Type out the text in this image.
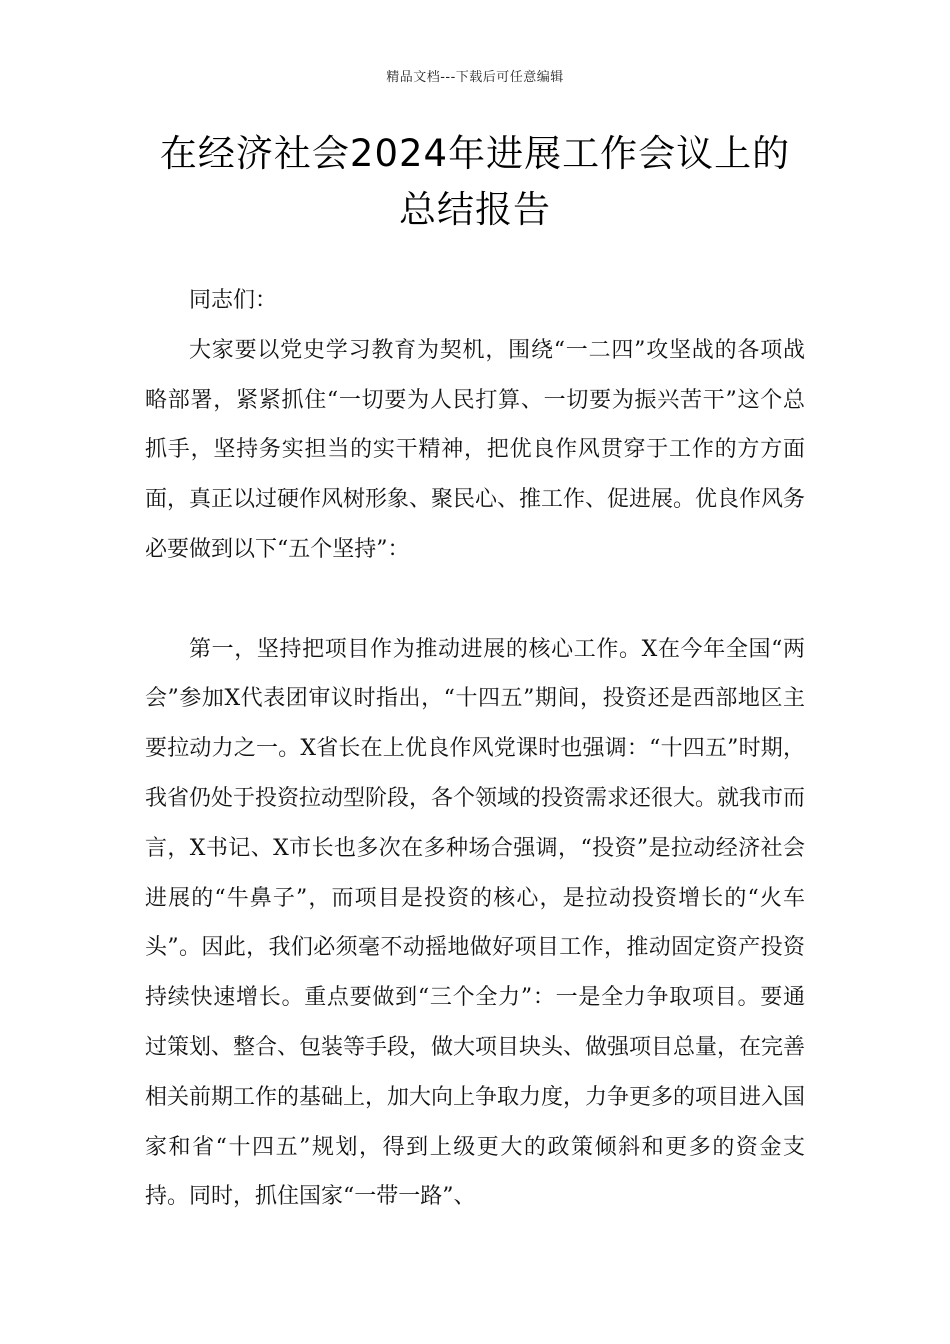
精品文档---下载后可任意编辑
在经济社会2024年进展工作会议上的
总结报告

同志们：

大家要以党史学习教育为契机，围绕“一二四”攻坚战的各项战略部署，紧紧抓住“一切要为人民打算、一切要为振兴苦干”这个总抓手，坚持务实担当的实干精神，把优良作风贯穿于工作的方方面面，真正以过硬作风树形象、聚民心、推工作、促进展。优良作风务必要做到以下“五个坚持”：

第一，坚持把项目作为推动进展的核心工作。X在今年全国“两会”参加X代表团审议时指出，“十四五”期间，投资还是西部地区主要拉动力之一。X省长在上优良作风党课时也强调：“十四五”时期，我省仍处于投资拉动型阶段，各个领域的投资需求还很大。就我市而言，X书记、X市长也多次在多种场合强调，“投资”是拉动经济社会进展的“牛鼻子”，而项目是投资的核心，是拉动投资增长的“火车头”。因此，我们必须毫不动摇地做好项目工作，推动固定资产投资持续快速增长。重点要做到“三个全力”：一是全力争取项目。要通过策划、整合、包装等手段，做大项目块头、做强项目总量，在完善相关前期工作的基础上，加大向上争取力度，力争更多的项目进入国家和省“十四五”规划，得到上级更大的政策倾斜和更多的资金支持。同时，抓住国家“一带一路”、
